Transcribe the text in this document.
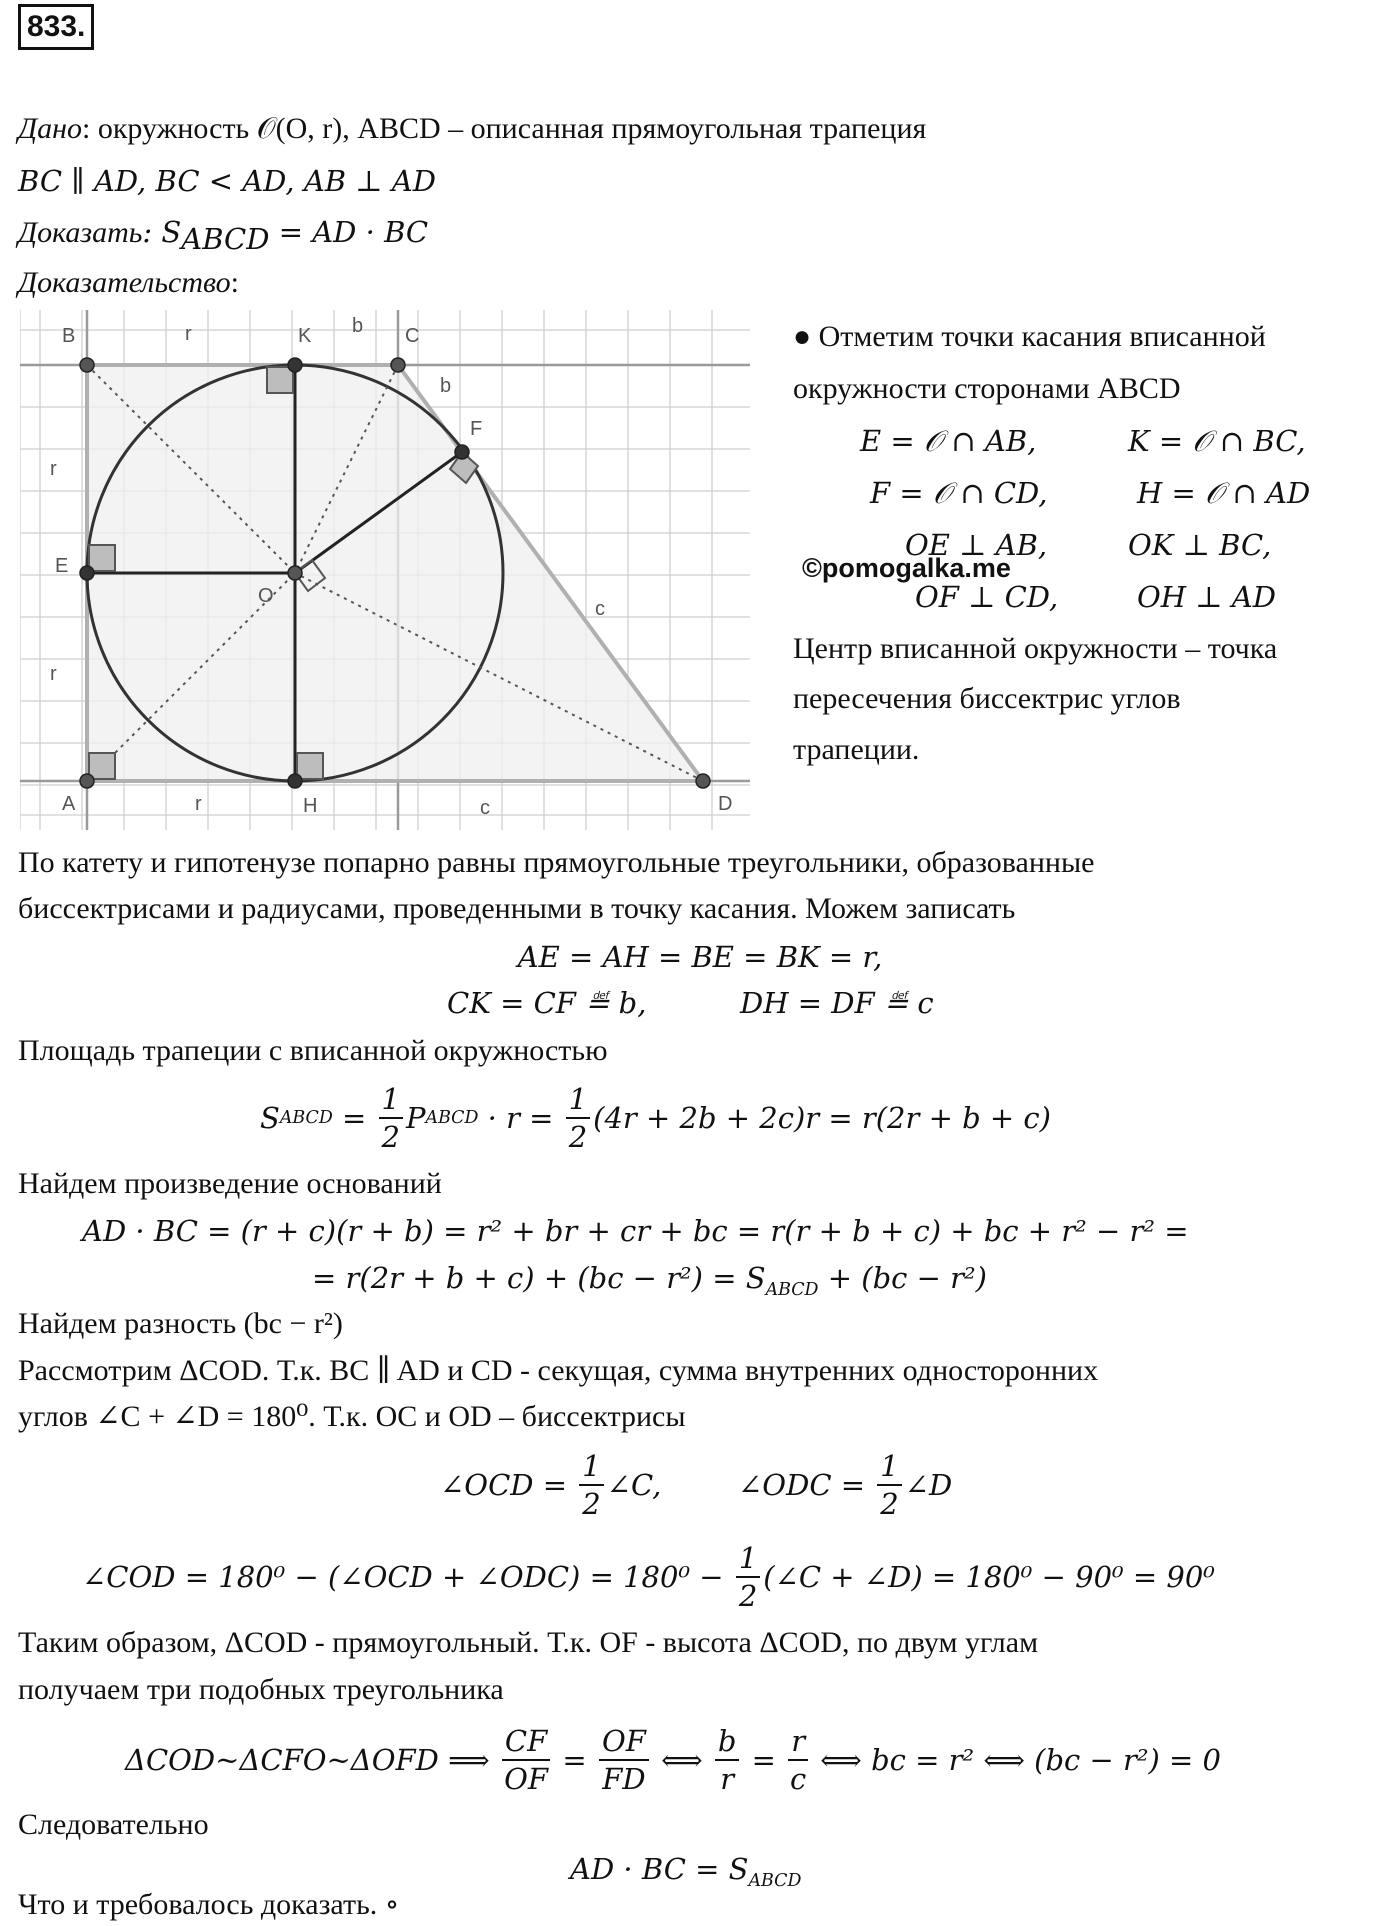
833.
Дано: окружность 𝒪(O, r), ABCD – описанная прямоугольная трапеция
BC ∥ AD, BC < AD, AB ⊥ AD
Доказать: $S_{ABCD}$ = AD · BC
Доказательство:
B	K	C
F
E
O
A	H	D
r	b
b
r
r
r	c
c
● Отметим точки касания вписанной
окружности сторонами ABCD
E = 𝒪 ∩ AB,	K = 𝒪 ∩ BC,
F = 𝒪 ∩ CD,	H = 𝒪 ∩ AD
OE ⊥ AB,	OK ⊥ BC,
©pomogalka.me
OF ⊥ CD,	OH ⊥ AD
Центр вписанной окружности – точка
пересечения биссектрис углов
трапеции.
По катету и гипотенузе попарно равны прямоугольные треугольники, образованные
биссектрисами и радиусами, проведенными в точку касания. Можем записать
AE = AH = BE = BK = r,
CK = CF ≝ b,	DH = DF ≝ c
Площадь трапеции с вписанной окружностью
S ABCD = $\frac{1}{2}$ P ABCD · $r = \frac{1}{2} (4r + 2b + 2c)r = r(2r + b + c)$
Найдем произведение оснований
AD · BC = (r + c)(r + b) = r² + br + cr + bc = r(r + b + c) + bc + r² − r² =
= $r(2r + b + c) + (bc - r^2) = S_{ABCD} + (bc - r^2)$
Найдем разность (bc − r²)
Рассмотрим ΔCOD. Т.к. BC ∥ AD и CD - секущая, сумма внутренних односторонних
углов ∠C + ∠D = 180⁰. Т.к. OC и OD – биссектрисы
∠OCD = $\frac{1}{2}$ ∠C,	∠ODC = $\frac{1}{2}$ ∠D
∠COD = 180⁰ − (∠OCD + ∠ODC) = $180^0 - \frac{1}{2}$ (∠C + ∠D) = 180⁰ − 90⁰ = 90⁰
Таким образом, ΔCOD - прямоугольный. Т.к. OF - высота ΔCOD, по двум углам
получаем три подобных треугольника
ΔCOD~ΔCFO~ΔOFD ⟹ $\frac{CF}{OF} = \frac{OF}{FD}$ ⟺ $\frac{b}{r} = \frac{r}{c}$ ⟺ bc = r² ⟺ (bc − r²) = 0
Следовательно
AD · BC = $S_{ABCD}$
Что и требовалось доказать. ∘
